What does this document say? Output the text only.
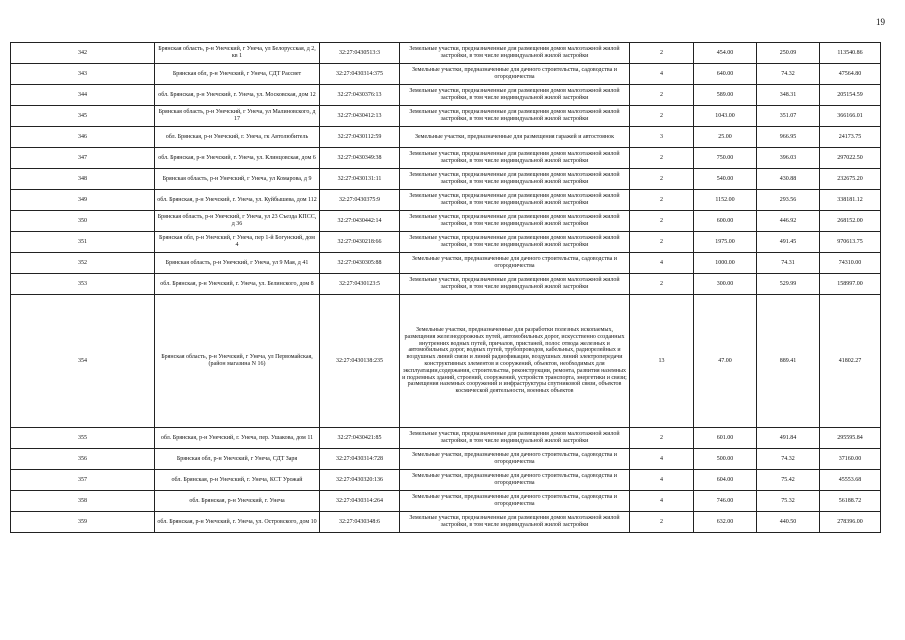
19
342	Брянская область, р-н Унечский, г Унеча, ул Белорусская, д 2, кв 1	32:27:0430513:3	Земельные участки, предназначенные для размещения домов малоэтажной жилой застройки, в том числе индивидуальной жилой застройки	2	454.00	250.09	113540.86
343	Брянская обл, р-н Унечский, г Унеча, СДТ Рассвет	32:27:0430314:375	Земельные участки, предназначенные для дачного строительства, садоводства и огородничества	4	640.00	74.32	47564.80
344	обл. Брянская, р-н Унечский, г. Унеча, ул. Московская, дом 12	32:27:0430376:13	Земельные участки, предназначенные для размещения домов малоэтажной жилой застройки, в том числе индивидуальной жилой застройки	2	589.00	348.31	205154.59
345	Брянская область, р-н Унечский, г Унеча, ул Малиновского, д 17	32:27:0430412:13	Земельные участки, предназначенные для размещения домов малоэтажной жилой застройки, в том числе индивидуальной жилой застройки	2	1043.00	351.07	366166.01
346	обл. Брянская, р-н Унечский, г. Унеча, гк Автолюбитель	32:27:0430112:59	Земельные участки, предназначенные для размещения гаражей и автостоянок	3	25.00	966.95	24173.75
347	обл. Брянская, р-н Унечский, г. Унеча, ул. Клинцовская, дом 6	32:27:0430349:38	Земельные участки, предназначенные для размещения домов малоэтажной жилой застройки, в том числе индивидуальной жилой застройки	2	750.00	396.03	297022.50
348	Брянская область, р-н Унечский, г Унеча, ул Комарова, д 9	32:27:0430131:11	Земельные участки, предназначенные для размещения домов малоэтажной жилой застройки, в том числе индивидуальной жилой застройки	2	540.00	430.88	232675.20
349	обл. Брянская, р-н Унечский, г. Унеча, ул. Куйбышева, дом 112	32:27:0430375:9	Земельные участки, предназначенные для размещения домов малоэтажной жилой застройки, в том числе индивидуальной жилой застройки	2	1152.00	293.56	338181.12
350	Брянская область, р-н Унечский, г Унеча, ул 23 Съезда КПСС, д 36	32:27:0430442:14	Земельные участки, предназначенные для размещения домов малоэтажной жилой застройки, в том числе индивидуальной жилой застройки	2	600.00	446.92	268152.00
351	Брянская обл, р-н Унечский, г Унеча, пер 1-й Богунский, дом 4	32:27:0430218:66	Земельные участки, предназначенные для размещения домов малоэтажной жилой застройки, в том числе индивидуальной жилой застройки	2	1975.00	491.45	970613.75
352	Брянская область, р-н Унечский, г Унеча, ул 9 Мая, д 41	32:27:0430305:88	Земельные участки, предназначенные для дачного строительства, садоводства и огородничества	4	1000.00	74.31	74310.00
353	обл. Брянская, р-н Унечский, г. Унеча, ул. Белинского, дом 8	32:27:0430123:5	Земельные участки, предназначенные для размещения домов малоэтажной жилой застройки, в том числе индивидуальной жилой застройки	2	300.00	529.99	158997.00
354	Брянская область, р-н Унечский, г Унеча, ул Первомайская, (район магазина N 16)	32:27:0430138:235	Земельные участки, предназначенные для разработки полезных ископаемых, размещения железнодорожных путей, автомобильных дорог, искусственно созданных внутренних водных путей, причалов, пристаней, полос отвода железных и автомобильных дорог, водных путей, трубопроводов, кабельных, радиорелейных и воздушных линий связи и линий радиофикации, воздушных линий электропередачи конструктивных элементов и сооружений, объектов, необходимых для эксплуатации,содержания, строительства, реконструкции, ремонта, развития наземных и подземных зданий, строений, сооружений, устройств транспорта, энергетики и связи; размещения наземных сооружений и инфраструктуры спутниковой связи, объектов космической деятельности, военных объектов	13	47.00	889.41	41802.27
355	обл. Брянская, р-н Унечский, г. Унеча, пер. Ушакова, дом 11	32:27:0430421:85	Земельные участки, предназначенные для размещения домов малоэтажной жилой застройки, в том числе индивидуальной жилой застройки	2	601.00	491.84	295595.84
356	Брянская обл, р-н Унечский, г Унеча, СДТ Заря	32:27:0430314:728	Земельные участки, предназначенные для дачного строительства, садоводства и огородничества	4	500.00	74.32	37160.00
357	обл. Брянская, р-н Унечский, г. Унеча, КСТ Урожай	32:27:0430320:136	Земельные участки, предназначенные для дачного строительства, садоводства и огородничества	4	604.00	75.42	45553.68
358	обл. Брянская, р-н Унечский, г. Унеча	32:27:0430314:264	Земельные участки, предназначенные для дачного строительства, садоводства и огородничества	4	746.00	75.32	56188.72
359	обл. Брянская, р-н Унечский, г. Унеча, ул. Островского, дом 10	32:27:0430348:6	Земельные участки, предназначенные для размещения домов малоэтажной жилой застройки, в том числе индивидуальной жилой застройки	2	632.00	440.50	278396.00
